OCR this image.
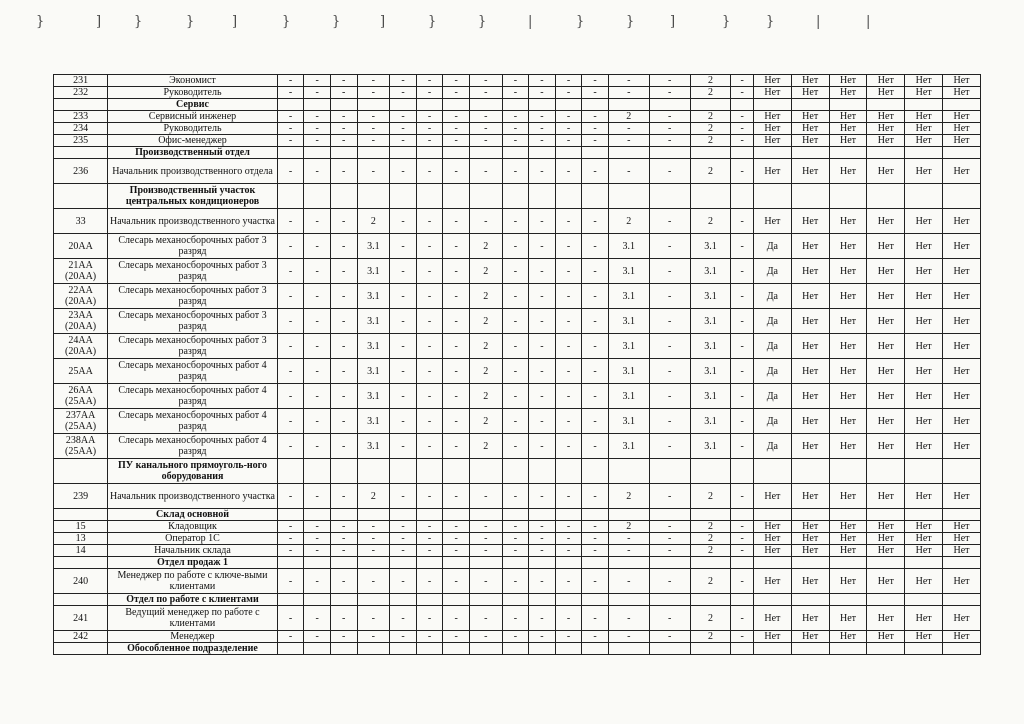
}	]	}	}	]	}	}	]	}	}	|	}	}	]	}	}	|	|
231	Экономист	-	-	-	-	-	-	-	-	-	-	-	-	-	-	2	-	Нет	Нет	Нет	Нет	Нет	Нет
232	Руководитель	-	-	-	-	-	-	-	-	-	-	-	-	-	-	2	-	Нет	Нет	Нет	Нет	Нет	Нет
	Сервис																						
233	Сервисный инженер	-	-	-	-	-	-	-	-	-	-	-	-	2	-	2	-	Нет	Нет	Нет	Нет	Нет	Нет
234	Руководитель	-	-	-	-	-	-	-	-	-	-	-	-	-	-	2	-	Нет	Нет	Нет	Нет	Нет	Нет
235	Офис-менеджер	-	-	-	-	-	-	-	-	-	-	-	-	-	-	2	-	Нет	Нет	Нет	Нет	Нет	Нет
	Производственный отдел																						
236	Начальник производственного отдела	-	-	-	-	-	-	-	-	-	-	-	-	-	-	2	-	Нет	Нет	Нет	Нет	Нет	Нет
	Производственный участок центральных кондиционеров																						
33	Начальник производственного участка	-	-	-	2	-	-	-	-	-	-	-	-	2	-	2	-	Нет	Нет	Нет	Нет	Нет	Нет
20АА	Слесарь механосборочных работ 3 разряд	-	-	-	3.1	-	-	-	2	-	-	-	-	3.1	-	3.1	-	Да	Нет	Нет	Нет	Нет	Нет
21АА (20АА)	Слесарь механосборочных работ 3 разряд	-	-	-	3.1	-	-	-	2	-	-	-	-	3.1	-	3.1	-	Да	Нет	Нет	Нет	Нет	Нет
22АА (20АА)	Слесарь механосборочных работ 3 разряд	-	-	-	3.1	-	-	-	2	-	-	-	-	3.1	-	3.1	-	Да	Нет	Нет	Нет	Нет	Нет
23АА (20АА)	Слесарь механосборочных работ 3 разряд	-	-	-	3.1	-	-	-	2	-	-	-	-	3.1	-	3.1	-	Да	Нет	Нет	Нет	Нет	Нет
24АА (20АА)	Слесарь механосборочных работ 3 разряд	-	-	-	3.1	-	-	-	2	-	-	-	-	3.1	-	3.1	-	Да	Нет	Нет	Нет	Нет	Нет
25АА	Слесарь механосборочных работ 4 разряд	-	-	-	3.1	-	-	-	2	-	-	-	-	3.1	-	3.1	-	Да	Нет	Нет	Нет	Нет	Нет
26АА (25АА)	Слесарь механосборочных работ 4 разряд	-	-	-	3.1	-	-	-	2	-	-	-	-	3.1	-	3.1	-	Да	Нет	Нет	Нет	Нет	Нет
237АА (25АА)	Слесарь механосборочных работ 4 разряд	-	-	-	3.1	-	-	-	2	-	-	-	-	3.1	-	3.1	-	Да	Нет	Нет	Нет	Нет	Нет
238АА (25АА)	Слесарь механосборочных работ 4 разряд	-	-	-	3.1	-	-	-	2	-	-	-	-	3.1	-	3.1	-	Да	Нет	Нет	Нет	Нет	Нет
	ПУ канального прямоуголь-ного оборудования																						
239	Начальник производственного участка	-	-	-	2	-	-	-	-	-	-	-	-	2	-	2	-	Нет	Нет	Нет	Нет	Нет	Нет
	Склад основной																						
15	Кладовщик	-	-	-	-	-	-	-	-	-	-	-	-	2	-	2	-	Нет	Нет	Нет	Нет	Нет	Нет
13	Оператор 1С	-	-	-	-	-	-	-	-	-	-	-	-	-	-	2	-	Нет	Нет	Нет	Нет	Нет	Нет
14	Начальник склада	-	-	-	-	-	-	-	-	-	-	-	-	-	-	2	-	Нет	Нет	Нет	Нет	Нет	Нет
	Отдел продаж 1																						
240	Менеджер по работе с ключе-выми клиентами	-	-	-	-	-	-	-	-	-	-	-	-	-	-	2	-	Нет	Нет	Нет	Нет	Нет	Нет
	Отдел по работе с клиентами																						
241	Ведущий менеджер по работе с клиентами	-	-	-	-	-	-	-	-	-	-	-	-	-	-	2	-	Нет	Нет	Нет	Нет	Нет	Нет
242	Менеджер	-	-	-	-	-	-	-	-	-	-	-	-	-	-	2	-	Нет	Нет	Нет	Нет	Нет	Нет
	Обособленное подразделение																						
